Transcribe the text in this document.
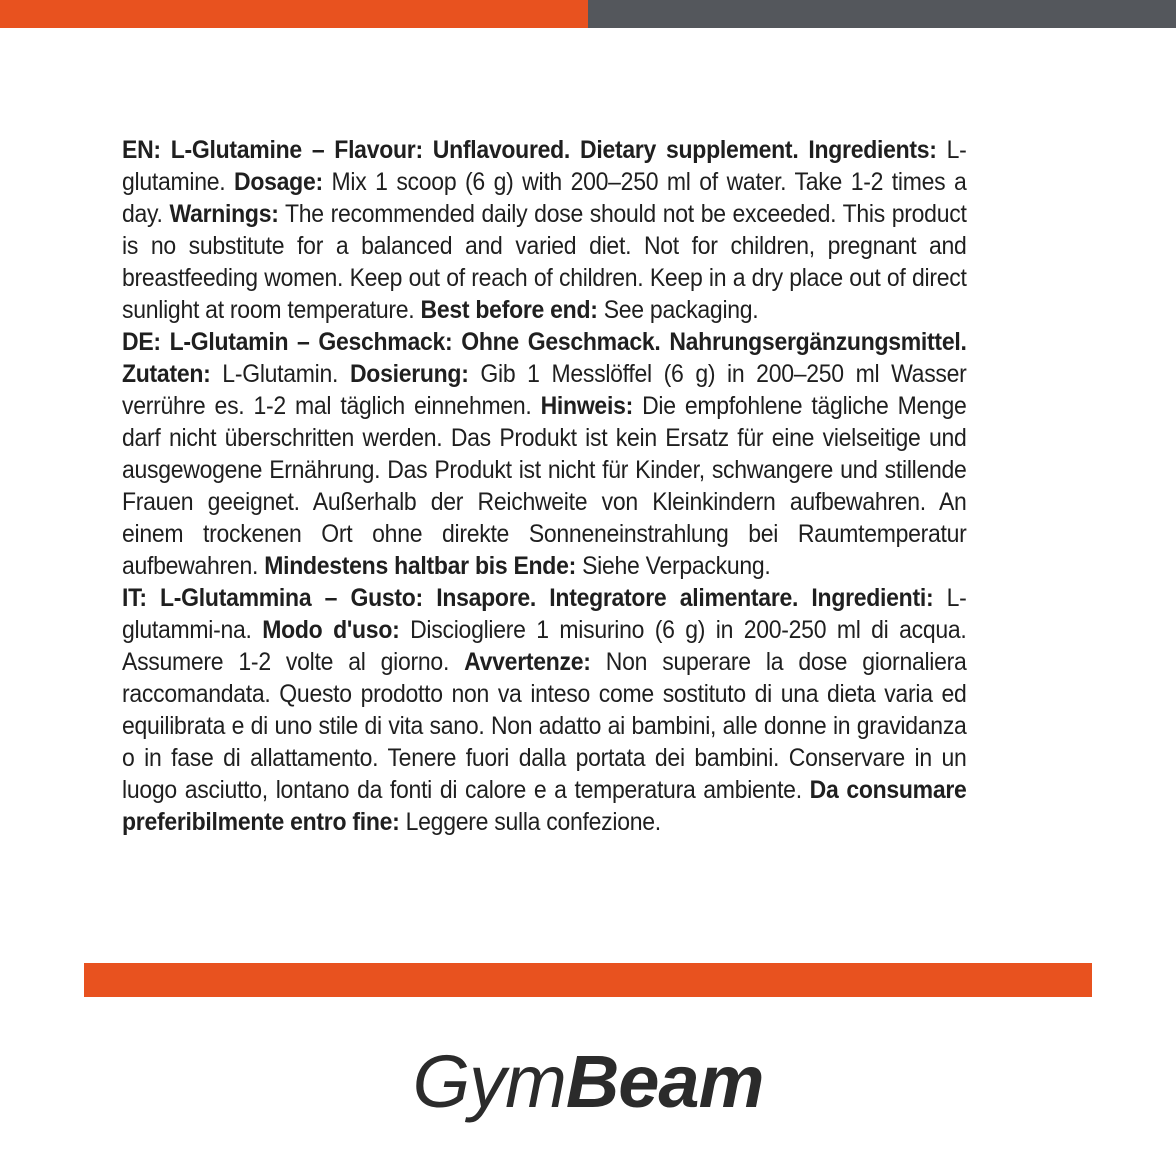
EN: L-Glutamine – Flavour: Unflavoured. Dietary supplement. Ingredients: L-glutamine. Dosage: Mix 1 scoop (6 g) with 200–250 ml of water. Take 1-2 times a day. Warnings: The recommended daily dose should not be exceeded. This product is no substitute for a balanced and varied diet. Not for children, pregnant and breastfeeding women. Keep out of reach of children. Keep in a dry place out of direct sunlight at room temperature. Best before end: See packaging.
DE: L-Glutamin – Geschmack: Ohne Geschmack. Nahrungsergänzungsmittel. Zutaten: L-Glutamin. Dosierung: Gib 1 Messlöffel (6 g) in 200–250 ml Wasser verrühre es. 1-2 mal täglich einnehmen. Hinweis: Die empfohlene tägliche Menge darf nicht überschritten werden. Das Produkt ist kein Ersatz für eine vielseitige und ausgewogene Ernährung. Das Produkt ist nicht für Kinder, schwangere und stillende Frauen geeignet. Außerhalb der Reichweite von Kleinkindern aufbewahren. An einem trockenen Ort ohne direkte Sonneneinstrahlung bei Raumtemperatur aufbewahren. Mindestens haltbar bis Ende: Siehe Verpackung.
IT: L-Glutammina – Gusto: Insapore. Integratore alimentare. Ingredienti: L-glutammi-na. Modo d'uso: Disciogliere 1 misurino (6 g) in 200-250 ml di acqua. Assumere 1-2 volte al giorno. Avvertenze: Non superare la dose giornaliera raccomandata. Questo prodotto non va inteso come sostituto di una dieta varia ed equilibrata e di uno stile di vita sano. Non adatto ai bambini, alle donne in gravidanza o in fase di allattamento. Tenere fuori dalla portata dei bambini. Conservare in un luogo asciutto, lontano da fonti di calore e a temperatura ambiente. Da consumare preferibilmente entro fine: Leggere sulla confezione.
GymBeam
